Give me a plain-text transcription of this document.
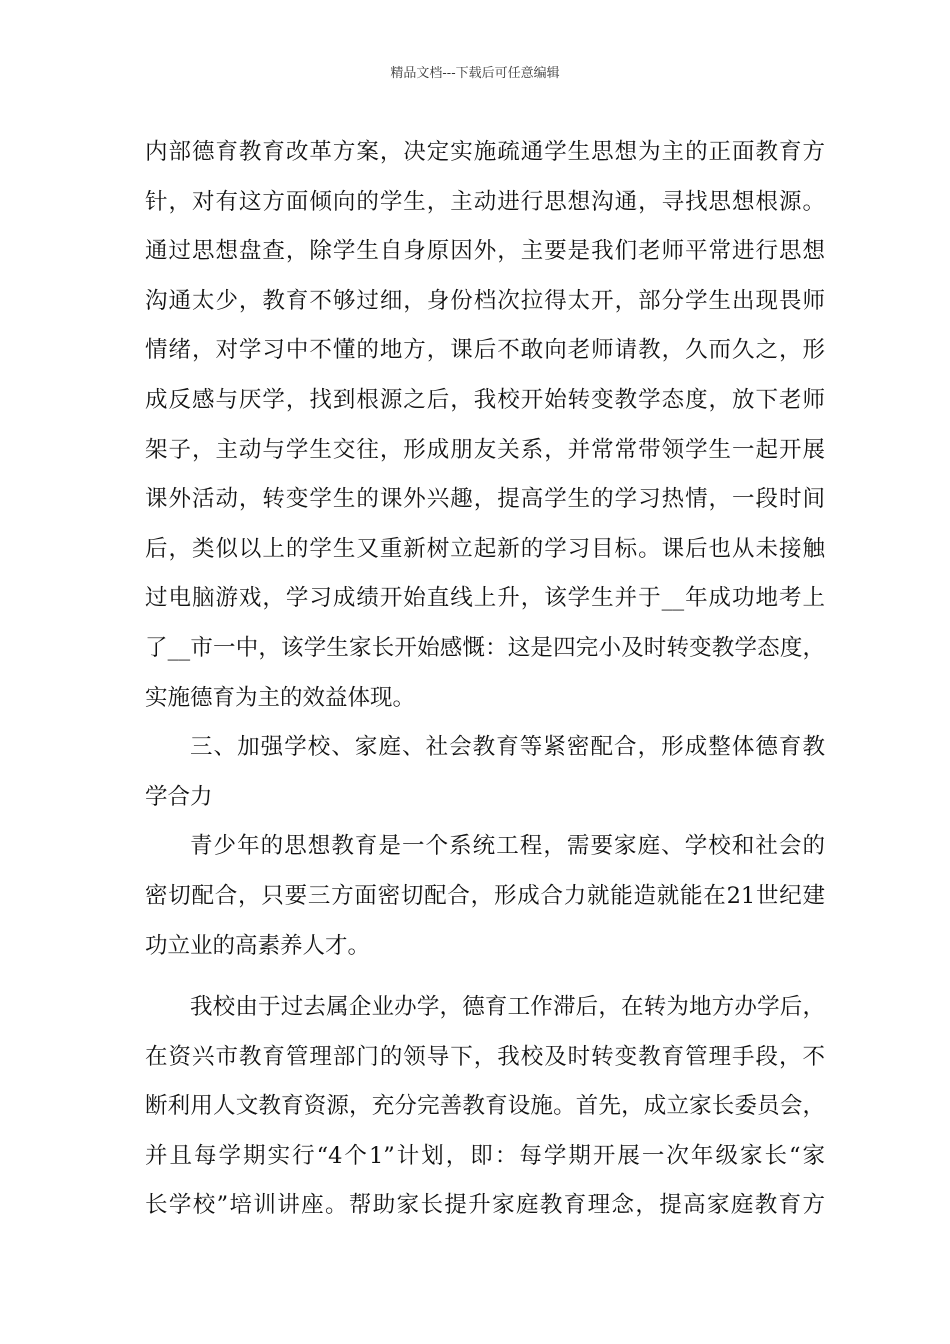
精品文档---下载后可任意编辑
内部德育教育改革方案，决定实施疏通学生思想为主的正面教育方
针，对有这方面倾向的学生，主动进行思想沟通，寻找思想根源。
通过思想盘查，除学生自身原因外，主要是我们老师平常进行思想
沟通太少，教育不够过细，身份档次拉得太开，部分学生出现畏师
情绪，对学习中不懂的地方，课后不敢向老师请教，久而久之，形
成反感与厌学，找到根源之后，我校开始转变教学态度，放下老师
架子，主动与学生交往，形成朋友关系，并常常带领学生一起开展
课外活动，转变学生的课外兴趣，提高学生的学习热情，一段时间
后，类似以上的学生又重新树立起新的学习目标。课后也从未接触
过电脑游戏，学习成绩开始直线上升，该学生并于__年成功地考上
了__市一中，该学生家长开始感慨：这是四完小及时转变教学态度，
实施德育为主的效益体现。
三、加强学校、家庭、社会教育等紧密配合，形成整体德育教
学合力
青少年的思想教育是一个系统工程，需要家庭、学校和社会的
密切配合，只要三方面密切配合，形成合力就能造就能在21世纪建
功立业的高素养人才。
我校由于过去属企业办学，德育工作滞后，在转为地方办学后，
在资兴市教育管理部门的领导下，我校及时转变教育管理手段，不
断利用人文教育资源，充分完善教育设施。首先，成立家长委员会，
并且每学期实行“4个1”计划，即：每学期开展一次年级家长“家
长学校”培训讲座。帮助家长提升家庭教育理念，提高家庭教育方
